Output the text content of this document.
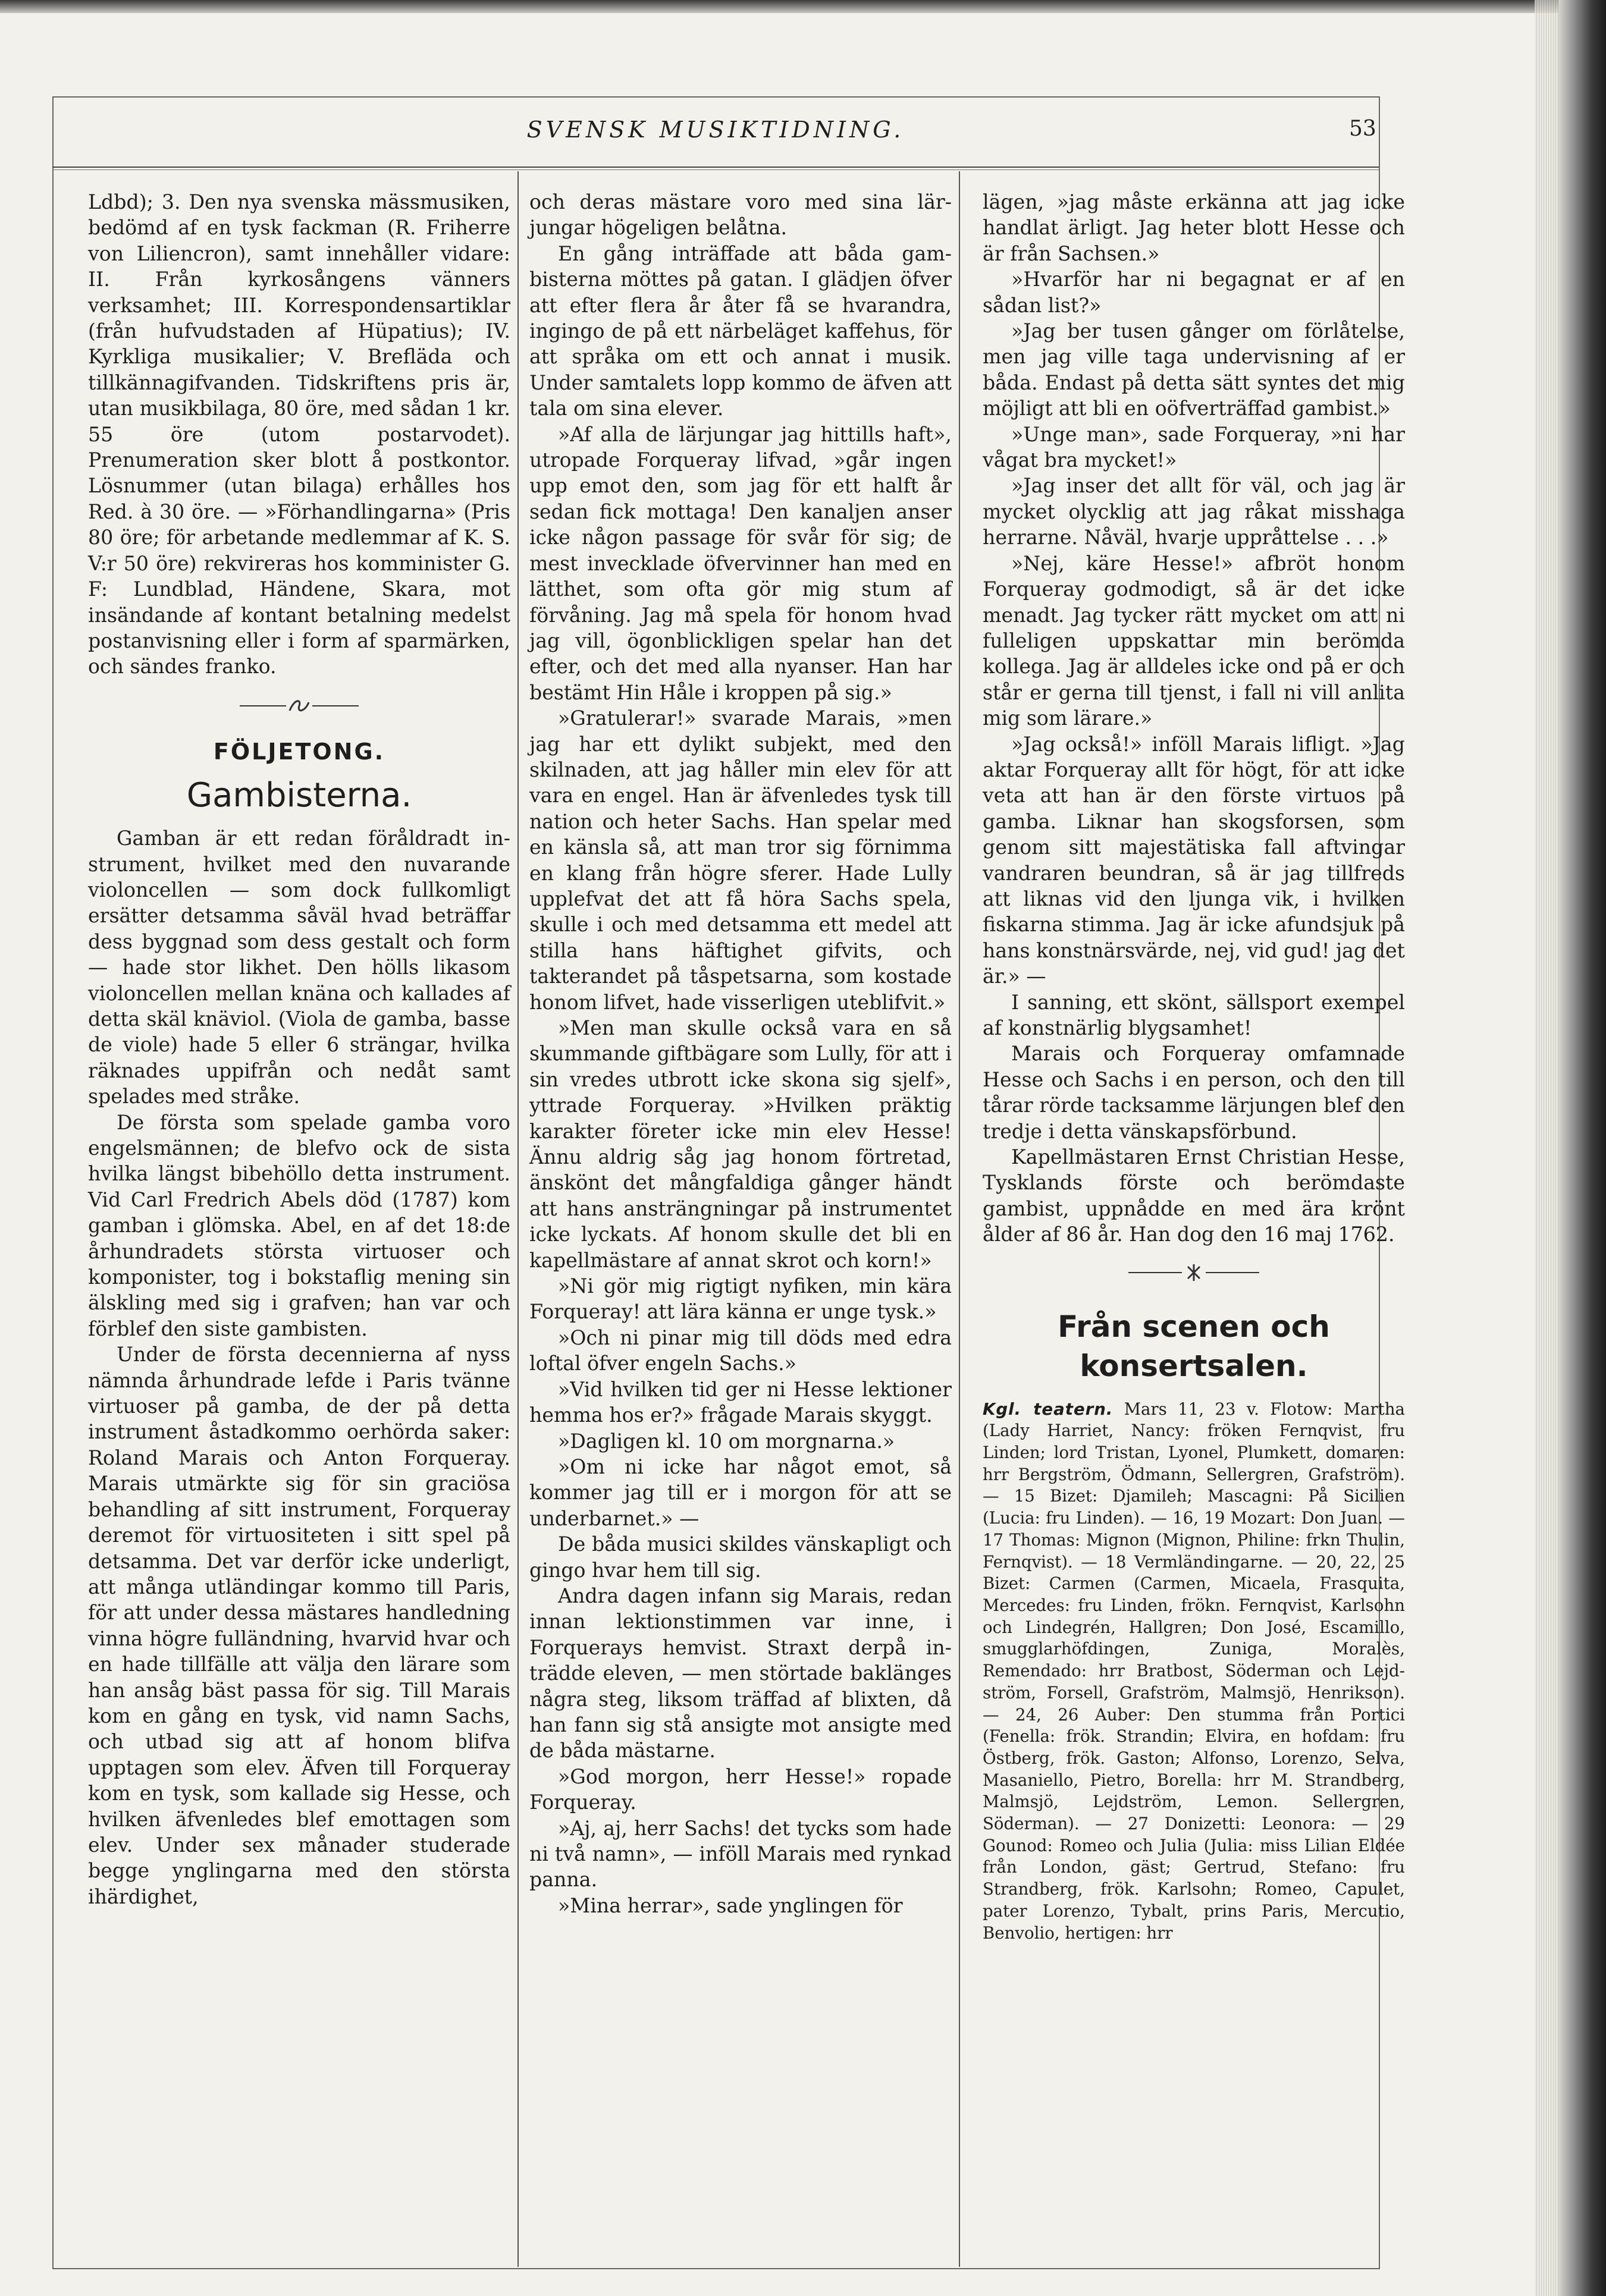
SVENSK MUSIKTIDNING.	53

Ldbd); 3. Den nya svenska mässmusiken, bedömd af en tysk fackman (R. Friherre von Liliencron), samt innehåller vidare: II. Från kyrkosångens vänners verksamhet; III. Korrespondensartiklar (från hufvudstaden af Hüpatius); IV. Kyrkliga musikalier; V. Brefläda och tillkännagifvanden. Tidskriftens pris är, utan musikbilaga, 80 öre, med sådan 1 kr. 55 öre (utom postarvodet). Prenumeration sker blott å postkontor. Lösnummer (utan bilaga) erhålles hos Red. à 30 öre. — »Förhandlingarna» (Pris 80 öre; för arbetande medlemmar af K. S. V:r 50 öre) rekvireras hos komminister G. F: Lundblad, Händene, Skara, mot insändande af kontant betalning medelst postanvisning eller i form af sparmärken, och sändes franko.

FÖLJETONG.
Gambisterna.

Gamban är ett redan föråldradt instrument, hvilket med den nuvarande violoncellen — som dock fullkomligt ersätter detsamma såväl hvad beträffar dess byggnad som dess gestalt och form — hade stor likhet. Den hölls likasom violoncellen mellan knäna och kallades af detta skäl knäviol. (Viola de gamba, basse de viole) hade 5 eller 6 strängar, hvilka räknades uppifrån och nedåt samt spelades med stråke.

De första som spelade gamba voro engelsmännen; de blefvo ock de sista hvilka längst bibehöllo detta instrument. Vid Carl Fredrich Abels död (1787) kom gamban i glömska. Abel, en af det 18:de århundradets största virtuoser och komponister, tog i bokstaflig mening sin älskling med sig i grafven; han var och förblef den siste gambisten.

Under de första decennierna af nyss nämnda århundrade lefde i Paris tvänne virtuoser på gamba, de der på detta instrument åstadkommo oerhörda saker: Roland Marais och Anton Forqueray. Marais utmärkte sig för sin graciösa behandling af sitt instrument, Forqueray deremot för virtuositeten i sitt spel på detsamma. Det var derför icke underligt, att många utländingar kommo till Paris, för att under dessa mästares handledning vinna högre fulländning, hvarvid hvar och en hade tillfälle att välja den lärare som han ansåg bäst passa för sig. Till Marais kom en gång en tysk, vid namn Sachs, och utbad sig att af honom blifva upptagen som elev. Äfven till Forqueray kom en tysk, som kallade sig Hesse, och hvilken äfvenledes blef emottagen som elev. Under sex månader studerade begge ynglingarna med den största ihärdighet,

och deras mästare voro med sina lärjungar högeligen belåtna.

En gång inträffade att båda gambisterna möttes på gatan. I glädjen öfver att efter flera år åter få se hvarandra, ingingo de på ett närbeläget kaffehus, för att språka om ett och annat i musik. Under samtalets lopp kommo de äfven att tala om sina elever.

»Af alla de lärjungar jag hittills haft», utropade Forqueray lifvad, »går ingen upp emot den, som jag för ett halft år sedan fick mottaga! Den kanaljen anser icke någon passage för svår för sig; de mest invecklade öfvervinner han med en lätthet, som ofta gör mig stum af förvåning. Jag må spela för honom hvad jag vill, ögonblickligen spelar han det efter, och det med alla nyanser. Han har bestämt Hin Håle i kroppen på sig.»

»Gratulerar!» svarade Marais, »men jag har ett dylikt subjekt, med den skilnaden, att jag håller min elev för att vara en engel. Han är äfvenledes tysk till nation och heter Sachs. Han spelar med en känsla så, att man tror sig förnimma en klang från högre sferer. Hade Lully upplefvat det att få höra Sachs spela, skulle i och med detsamma ett medel att stilla hans häftighet gifvits, och takterandet på tåspetsarna, som kostade honom lifvet, hade visserligen uteblifvit.»

»Men man skulle också vara en så skummande giftbägare som Lully, för att i sin vredes utbrott icke skona sig sjelf», yttrade Forqueray. »Hvilken präktig karakter företer icke min elev Hesse! Ännu aldrig såg jag honom förtretad, änskönt det mångfaldiga gånger händt att hans ansträngningar på instrumentet icke lyckats. Af honom skulle det bli en kapellmästare af annat skrot och korn!»

»Ni gör mig rigtigt nyfiken, min kära Forqueray! att lära känna er unge tysk.»

»Och ni pinar mig till döds med edra loftal öfver engeln Sachs.»

»Vid hvilken tid ger ni Hesse lektioner hemma hos er?» frågade Marais skyggt.

»Dagligen kl. 10 om morgnarna.»

»Om ni icke har något emot, så kommer jag till er i morgon för att se underbarnet.» —

De båda musici skildes vänskapligt och gingo hvar hem till sig.

Andra dagen infann sig Marais, redan innan lektionstimmen var inne, i Forquerays hemvist. Straxt derpå inträdde eleven, — men störtade baklänges några steg, liksom träffad af blixten, då han fann sig stå ansigte mot ansigte med de båda mästarne.

»God morgon, herr Hesse!» ropade Forqueray.

»Aj, aj, herr Sachs! det tycks som hade ni två namn», — inföll Marais med rynkad panna.

»Mina herrar», sade ynglingen för

lägen, »jag måste erkänna att jag icke handlat ärligt. Jag heter blott Hesse och är från Sachsen.»

»Hvarför har ni begagnat er af en sådan list?»

»Jag ber tusen gånger om förlåtelse, men jag ville taga undervisning af er båda. Endast på detta sätt syntes det mig möjligt att bli en oöfverträffad gambist.»

»Unge man», sade Forqueray, »ni har vågat bra mycket!»

»Jag inser det allt för väl, och jag är mycket olycklig att jag råkat misshaga herrarne. Nåväl, hvarje uppråttelse . . .»

»Nej, käre Hesse!» afbröt honom Forqueray godmodigt, så är det icke menadt. Jag tycker rätt mycket om att ni fulleligen uppskattar min berömda kollega. Jag är alldeles icke ond på er och står er gerna till tjenst, i fall ni vill anlita mig som lärare.»

»Jag också!» inföll Marais lifligt. »Jag aktar Forqueray allt för högt, för att icke veta att han är den förste virtuos på gamba. Liknar han skogsforsen, som genom sitt majestätiska fall aftvingar vandraren beundran, så är jag tillfreds att liknas vid den ljunga vik, i hvilken fiskarna stimma. Jag är icke afundsjuk på hans konstnärsvärde, nej, vid gud! jag det är.» —

I sanning, ett skönt, sällsport exempel af konstnärlig blygsamhet!

Marais och Forqueray omfamnade Hesse och Sachs i en person, och den till tårar rörde tacksamme lärjungen blef den tredje i detta vänskapsförbund.

Kapellmästaren Ernst Christian Hesse, Tysklands förste och berömdaste gambist, uppnådde en med ära krönt ålder af 86 år. Han dog den 16 maj 1762.

Från scenen och konsertsalen.

Kgl. teatern. Mars 11, 23 v. Flotow: Martha (Lady Harriet, Nancy: fröken Fernqvist, fru Linden; lord Tristan, Lyonel, Plumkett, domaren: hrr Bergström, Ödmann, Sellergren, Grafström). — 15 Bizet: Djamileh; Mascagni: På Sicilien (Lucia: fru Linden). — 16, 19 Mozart: Don Juan. — 17 Thomas: Mignon (Mignon, Philine: frkn Thulin, Fernqvist). — 18 Vermländingarne. — 20, 22, 25 Bizet: Carmen (Carmen, Micaela, Frasquita, Mercedes: fru Linden, frökn. Fernqvist, Karlsohn och Lindegrén, Hallgren; Don José, Escamillo, smugglarhöfdingen, Zuniga, Moralès, Remendado: hrr Bratbost, Söderman och Lejdström, Forsell, Grafström, Malmsjö, Henrikson). — 24, 26 Auber: Den stumma från Portici (Fenella: frök. Strandin; Elvira, en hofdam: fru Östberg, frök. Gaston; Alfonso, Lorenzo, Selva, Masaniello, Pietro, Borella: hrr M. Strandberg, Malmsjö, Lejdström, Lemon. Sellergren, Söderman). — 27 Donizetti: Leonora: — 29 Gounod: Romeo och Julia (Julia: miss Lilian Eldée från London, gäst; Gertrud, Stefano: fru Strandberg, frök. Karlsohn; Romeo, Capulet, pater Lorenzo, Tybalt, prins Paris, Mercutio, Benvolio, hertigen: hrr
